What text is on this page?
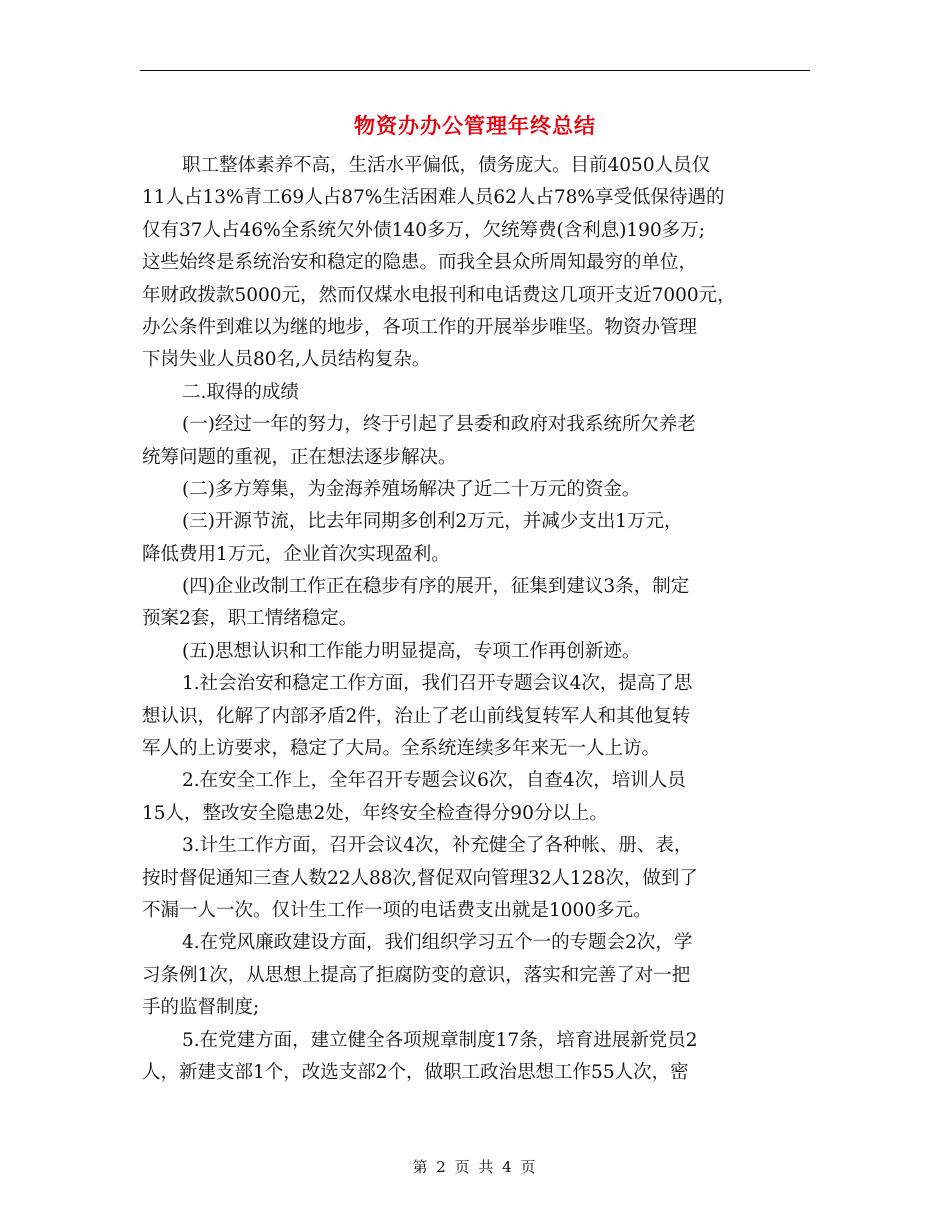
物资办办公管理年终总结
职工整体素养不高，生活水平偏低，债务庞大。目前4050人员仅
11人占13%青工69人占87%生活困难人员62人占78%享受低保待遇的
仅有37人占46%全系统欠外债140多万，欠统筹费(含利息)190多万;
这些始终是系统治安和稳定的隐患。而我全县众所周知最穷的单位，
年财政拨款5000元，然而仅煤水电报刊和电话费这几项开支近7000元，
办公条件到难以为继的地步，各项工作的开展举步唯坚。物资办管理
下岗失业人员80名,人员结构复杂。
二.取得的成绩
(一)经过一年的努力，终于引起了县委和政府对我系统所欠养老
统筹问题的重视，正在想法逐步解决。
(二)多方筹集，为金海养殖场解决了近二十万元的资金。
(三)开源节流，比去年同期多创利2万元，并减少支出1万元，
降低费用1万元，企业首次实现盈利。
(四)企业改制工作正在稳步有序的展开，征集到建议3条，制定
预案2套，职工情绪稳定。
(五)思想认识和工作能力明显提高，专项工作再创新迹。
1.社会治安和稳定工作方面，我们召开专题会议4次，提高了思
想认识，化解了内部矛盾2件，治止了老山前线复转军人和其他复转
军人的上访要求，稳定了大局。全系统连续多年来无一人上访。
2.在安全工作上，全年召开专题会议6次，自查4次，培训人员
15人，整改安全隐患2处，年终安全检查得分90分以上。
3.计生工作方面，召开会议4次，补充健全了各种帐、册、表，
按时督促通知三查人数22人88次,督促双向管理32人128次，做到了
不漏一人一次。仅计生工作一项的电话费支出就是1000多元。
4.在党风廉政建设方面，我们组织学习五个一的专题会2次，学
习条例1次，从思想上提高了拒腐防变的意识，落实和完善了对一把
手的监督制度;
5.在党建方面，建立健全各项规章制度17条，培育进展新党员2
人，新建支部1个，改选支部2个，做职工政治思想工作55人次，密
第 2 页 共 4 页
